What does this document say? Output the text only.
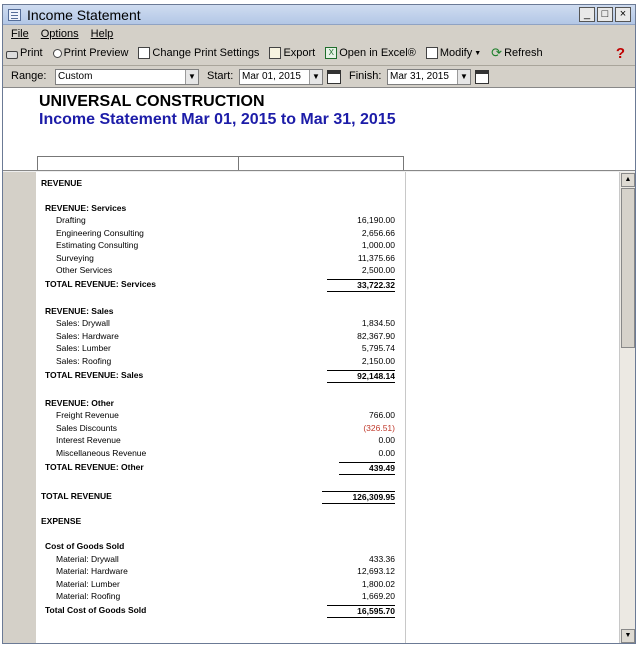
Income Statement	_	□	×
File Options Help
Print Print Preview Change Print Settings Export	X Open in Excel® Modify ▼ ⟳ Refresh	?
Range:	Custom	▼ Start: Mar 01, 2015	▼	Finish: Mar 31, 2015	▼
UNIVERSAL CONSTRUCTION
Income Statement Mar 01, 2015 to Mar 31, 2015
REVENUE
REVENUE: Services
Drafting	16,190.00
Engineering Consulting	2,656.66
Estimating Consulting	1,000.00
Surveying	11,375.66
Other Services	2,500.00
TOTAL REVENUE: Services	33,722.32
REVENUE: Sales
Sales: Drywall	1,834.50
Sales: Hardware	82,367.90
Sales: Lumber	5,795.74
Sales: Roofing	2,150.00
TOTAL REVENUE: Sales	92,148.14
REVENUE: Other
Freight Revenue	766.00
Sales Discounts	(326.51)
Interest Revenue	0.00
Miscellaneous Revenue	0.00
TOTAL REVENUE: Other	439.49
TOTAL REVENUE	126,309.95
EXPENSE
Cost of Goods Sold
Material: Drywall	433.36
Material: Hardware	12,693.12
Material: Lumber	1,800.02
Material: Roofing	1,669.20
Total Cost of Goods Sold	16,595.70
▲
▼
